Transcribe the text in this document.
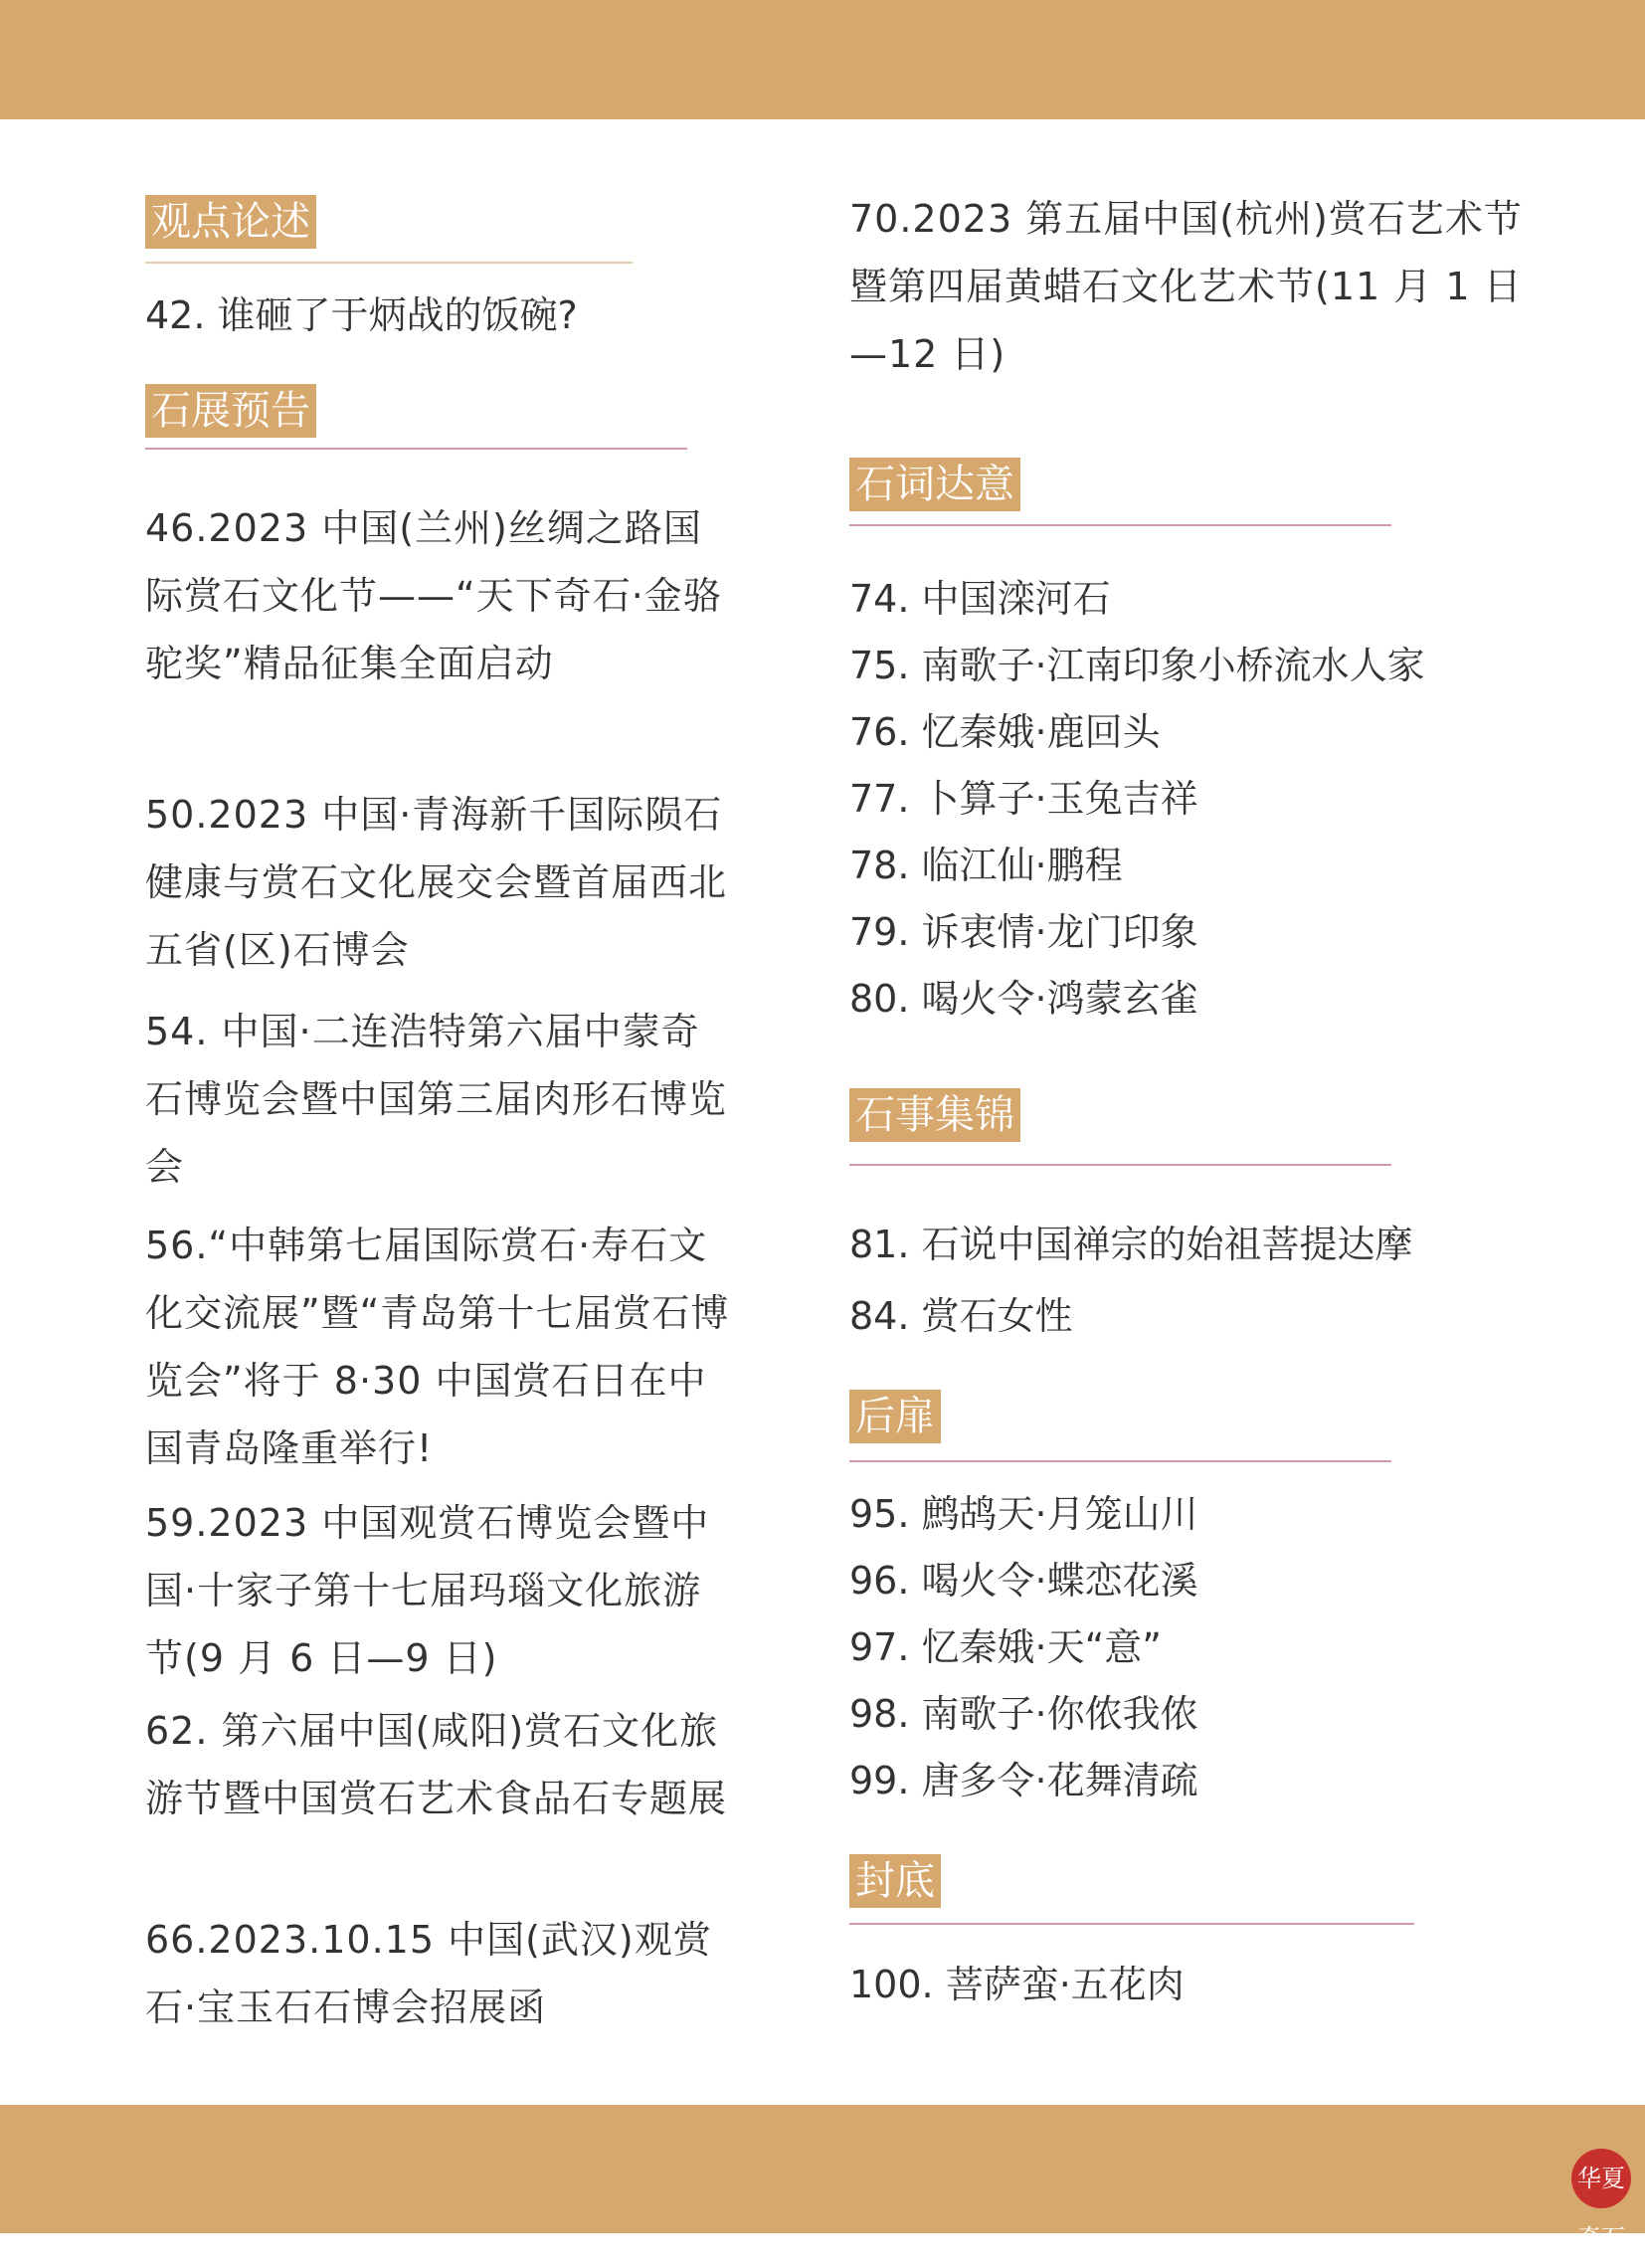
观点论述

42. 谁砸了于炳战的饭碗?

石展预告

46.2023 中国(兰州)丝绸之路国际赏石文化节——“天下奇石·金骆驼奖”精品征集全面启动

50.2023 中国·青海新千国际陨石健康与赏石文化展交会暨首届西北五省(区)石博会

54. 中国·二连浩特第六届中蒙奇石博览会暨中国第三届肉形石博览会

56.“中韩第七届国际赏石·寿石文化交流展”暨“青岛第十七届赏石博览会”将于 8·30 中国赏石日在中国青岛隆重举行!

59.2023 中国观赏石博览会暨中国·十家子第十七届玛瑙文化旅游节(9 月 6 日—9 日)

62. 第六届中国(咸阳)赏石文化旅游节暨中国赏石艺术食品石专题展

66.2023.10.15 中国(武汉)观赏石·宝玉石石博会招展函

70.2023 第五届中国(杭州)赏石艺术节暨第四届黄蜡石文化艺术节(11 月 1 日—12 日)

石词达意

74. 中国滦河石

75. 南歌子·江南印象小桥流水人家

76. 忆秦娥·鹿回头

77. 卜算子·玉兔吉祥

78. 临江仙·鹏程

79. 诉衷情·龙门印象

80. 喝火令·鸿蒙玄雀

石事集锦

81. 石说中国禅宗的始祖菩提达摩

84. 赏石女性

后扉

95. 鹧鸪天·月笼山川

96. 喝火令·蝶恋花溪

97. 忆秦娥·天“意”

98. 南歌子·你侬我侬

99. 唐多令·花舞清疏

封底

100. 菩萨蛮·五花肉

华夏奇石
